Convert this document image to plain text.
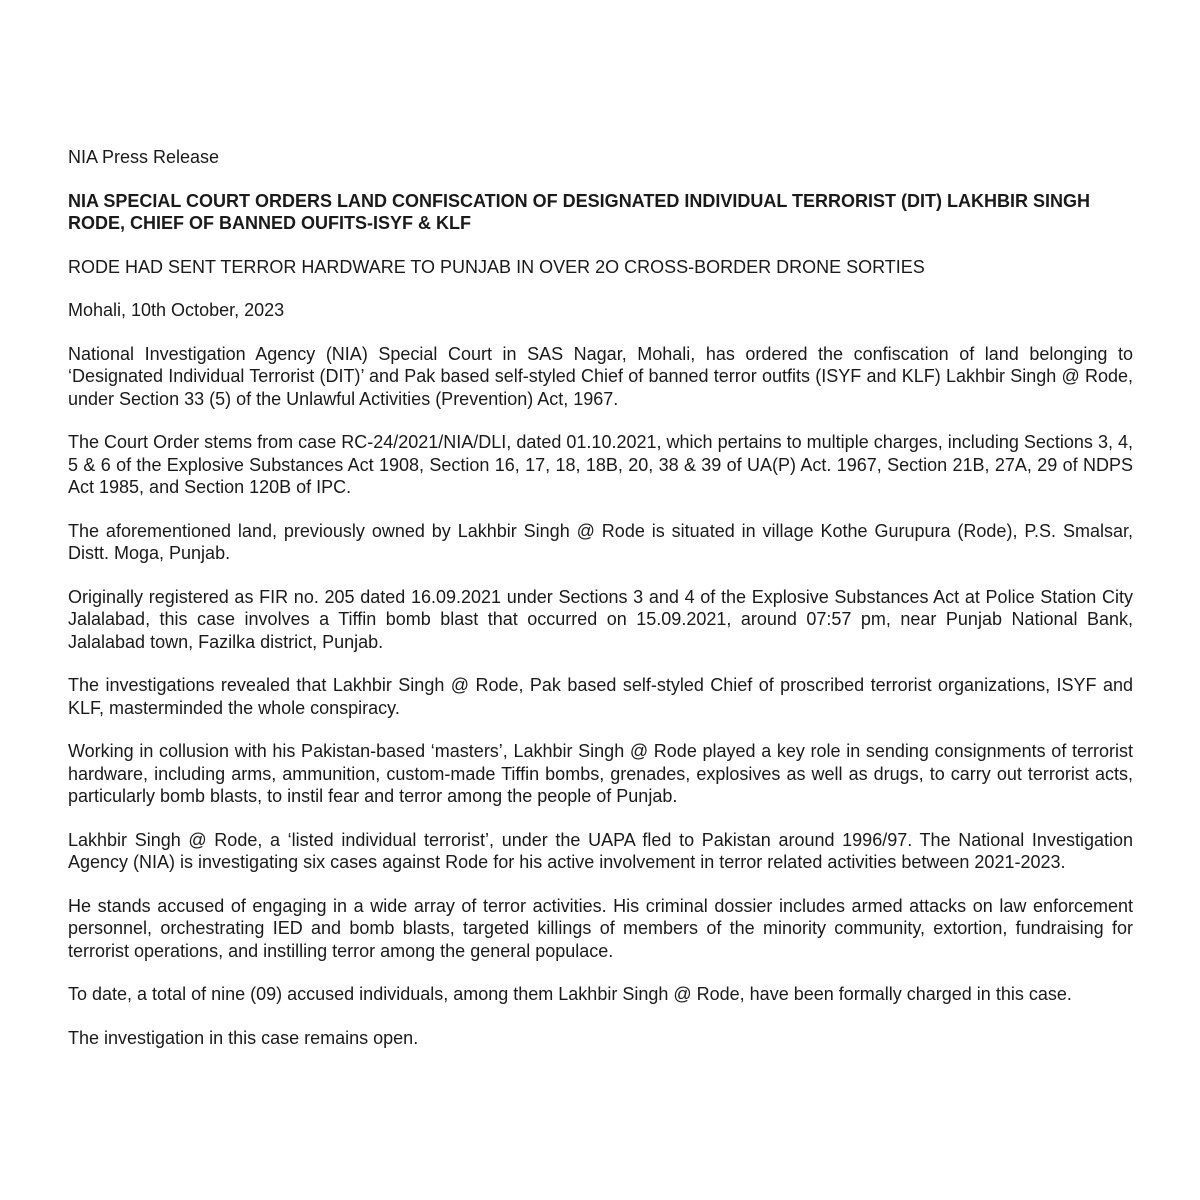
NIA Press Release

NIA SPECIAL COURT ORDERS LAND CONFISCATION OF DESIGNATED INDIVIDUAL TERRORIST (DIT) LAKHBIR SINGH RODE, CHIEF OF BANNED OUFITS-ISYF & KLF

RODE HAD SENT TERROR HARDWARE TO PUNJAB IN OVER 2O CROSS-BORDER DRONE SORTIES

Mohali, 10th October, 2023

National Investigation Agency (NIA) Special Court in SAS Nagar, Mohali, has ordered the confiscation of land belonging to ‘Designated Individual Terrorist (DIT)’ and Pak based self-styled Chief of banned terror outfits (ISYF and KLF) Lakhbir Singh @ Rode, under Section 33 (5) of the Unlawful Activities (Prevention) Act, 1967.

The Court Order stems from case RC-24/2021/NIA/DLI, dated 01.10.2021, which pertains to multiple charges, including Sections 3, 4, 5 & 6 of the Explosive Substances Act 1908, Section 16, 17, 18, 18B, 20, 38 & 39 of UA(P) Act. 1967, Section 21B, 27A, 29 of NDPS Act 1985, and Section 120B of IPC.

The aforementioned land, previously owned by Lakhbir Singh @ Rode is situated in village Kothe Gurupura (Rode), P.S. Smalsar, Distt. Moga, Punjab.

Originally registered as FIR no. 205 dated 16.09.2021 under Sections 3 and 4 of the Explosive Substances Act at Police Station City Jalalabad, this case involves a Tiffin bomb blast that occurred on 15.09.2021, around 07:57 pm, near Punjab National Bank, Jalalabad town, Fazilka district, Punjab.

The investigations revealed that Lakhbir Singh @ Rode, Pak based self-styled Chief of proscribed terrorist organizations, ISYF and KLF, masterminded the whole conspiracy.

Working in collusion with his Pakistan-based ‘masters’, Lakhbir Singh @ Rode played a key role in sending consignments of terrorist hardware, including arms, ammunition, custom-made Tiffin bombs, grenades, explosives as well as drugs, to carry out terrorist acts, particularly bomb blasts, to instil fear and terror among the people of Punjab.

Lakhbir Singh @ Rode, a ‘listed individual terrorist’, under the UAPA fled to Pakistan around 1996/97. The National Investigation Agency (NIA) is investigating six cases against Rode for his active involvement in terror related activities between 2021-2023.

He stands accused of engaging in a wide array of terror activities. His criminal dossier includes armed attacks on law enforcement personnel, orchestrating IED and bomb blasts, targeted killings of members of the minority community, extortion, fundraising for terrorist operations, and instilling terror among the general populace.

To date, a total of nine (09) accused individuals, among them Lakhbir Singh @ Rode, have been formally charged in this case.

The investigation in this case remains open.
